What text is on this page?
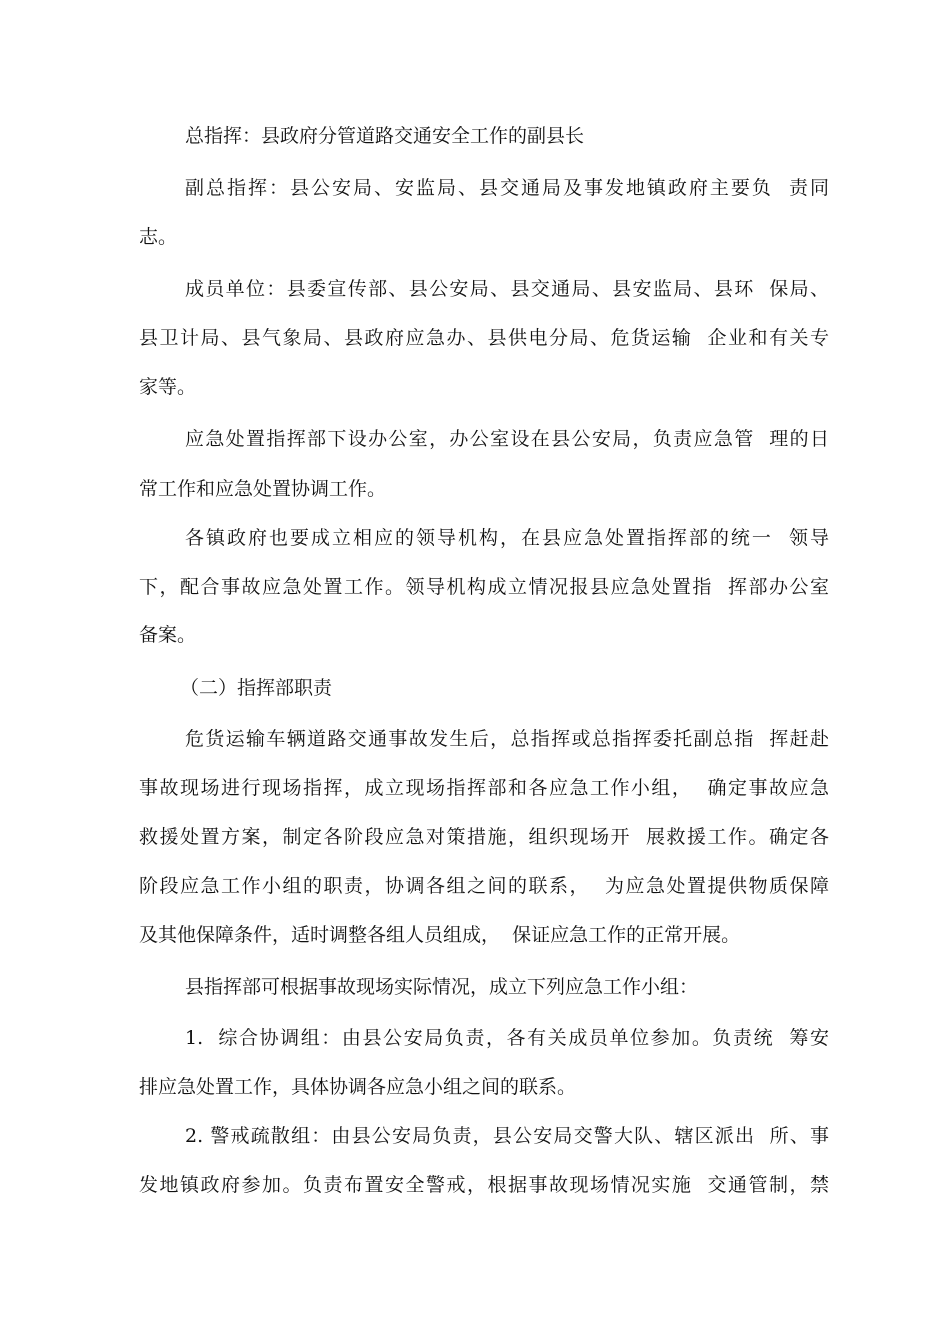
总指挥：县政府分管道路交通安全工作的副县长
副总指挥：县公安局、安监局、县交通局及事发地镇政府主要负  责同
志。
成员单位：县委宣传部、县公安局、县交通局、县安监局、县环  保局、
县卫计局、县气象局、县政府应急办、县供电分局、危货运输  企业和有关专
家等。
应急处置指挥部下设办公室，办公室设在县公安局，负责应急管  理的日
常工作和应急处置协调工作。
各镇政府也要成立相应的领导机构，在县应急处置指挥部的统一  领导
下，配合事故应急处置工作。领导机构成立情况报县应急处置指  挥部办公室
备案。
（二）指挥部职责
危货运输车辆道路交通事故发生后，总指挥或总指挥委托副总指  挥赶赴
事故现场进行现场指挥，成立现场指挥部和各应急工作小组，  确定事故应急
救援处置方案，制定各阶段应急对策措施，组织现场开  展救援工作。确定各
阶段应急工作小组的职责，协调各组之间的联系，  为应急处置提供物质保障
及其他保障条件，适时调整各组人员组成，  保证应急工作的正常开展。
县指挥部可根据事故现场实际情况，成立下列应急工作小组：
1.  综合协调组：由县公安局负责，各有关成员单位参加。负责统  筹安
排应急处置工作，具体协调各应急小组之间的联系。
2. 警戒疏散组：由县公安局负责，县公安局交警大队、辖区派出  所、事
发地镇政府参加。负责布置安全警戒，根据事故现场情况实施  交通管制，禁
